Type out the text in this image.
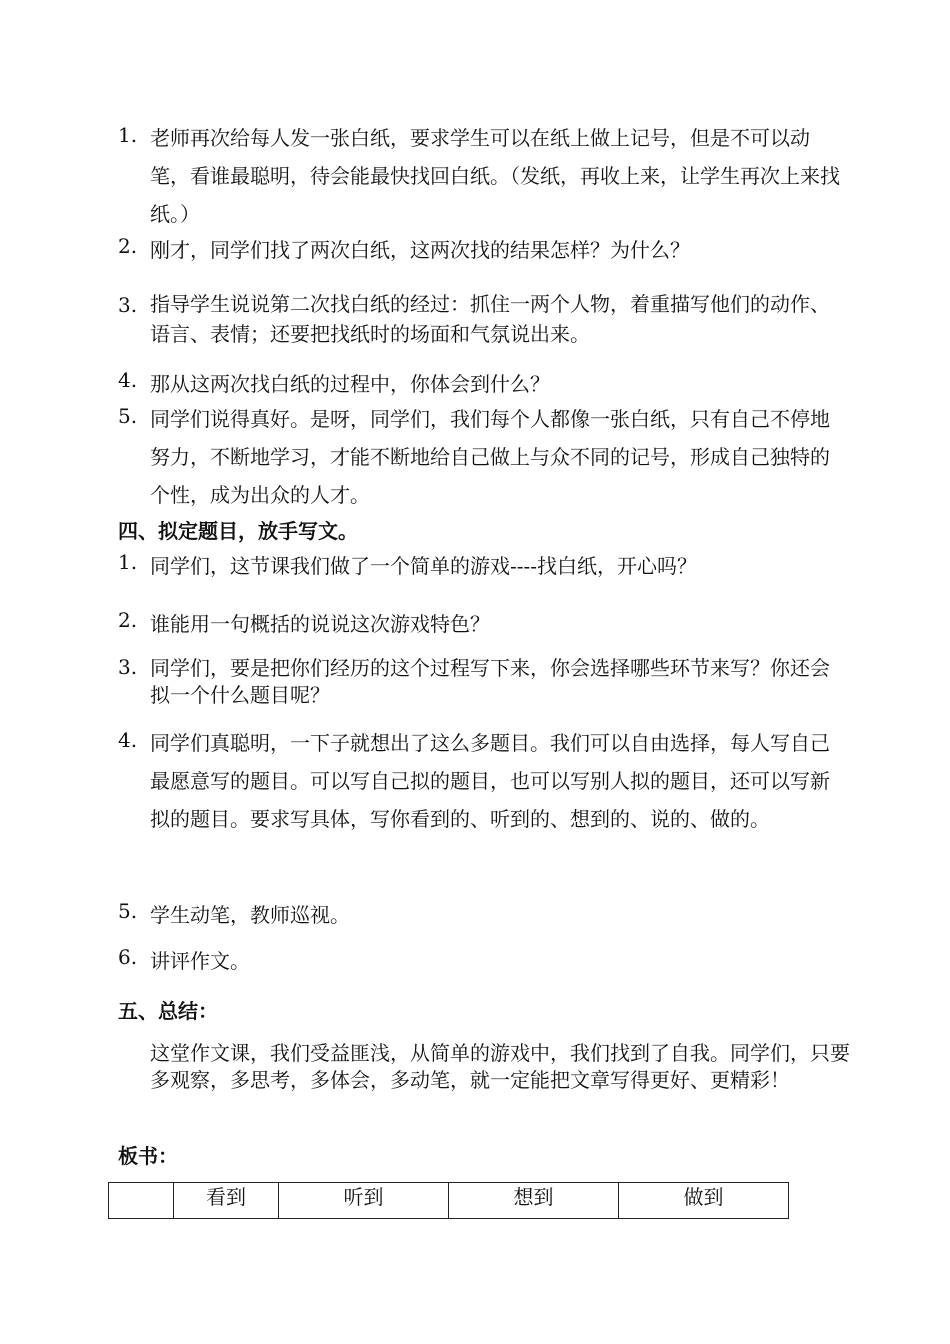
1. 老师再次给每人发一张白纸，要求学生可以在纸上做上记号，但是不可以动笔，看谁最聪明，待会能最快找回白纸。（发纸，再收上来，让学生再次上来找纸。）
2. 刚才，同学们找了两次白纸，这两次找的结果怎样？为什么？
3. 指导学生说说第二次找白纸的经过：抓住一两个人物，着重描写他们的动作、语言、表情；还要把找纸时的场面和气氛说出来。
4. 那从这两次找白纸的过程中，你体会到什么？
5. 同学们说得真好。是呀，同学们，我们每个人都像一张白纸，只有自己不停地努力，不断地学习，才能不断地给自己做上与众不同的记号，形成自己独特的个性，成为出众的人才。
四、拟定题目，放手写文。
1. 同学们，这节课我们做了一个简单的游戏----找白纸，开心吗？
2. 谁能用一句概括的说说这次游戏特色？
3. 同学们，要是把你们经历的这个过程写下来，你会选择哪些环节来写？你还会拟一个什么题目呢？
4. 同学们真聪明，一下子就想出了这么多题目。我们可以自由选择，每人写自己最愿意写的题目。可以写自己拟的题目，也可以写别人拟的题目，还可以写新拟的题目。要求写具体，写你看到的、听到的、想到的、说的、做的。
5. 学生动笔，教师巡视。
6. 讲评作文。
五、总结：
这堂作文课，我们受益匪浅，从简单的游戏中，我们找到了自我。同学们，只要多观察，多思考，多体会，多动笔，就一定能把文章写得更好、更精彩！
板书：
	看到	听到	想到	做到
